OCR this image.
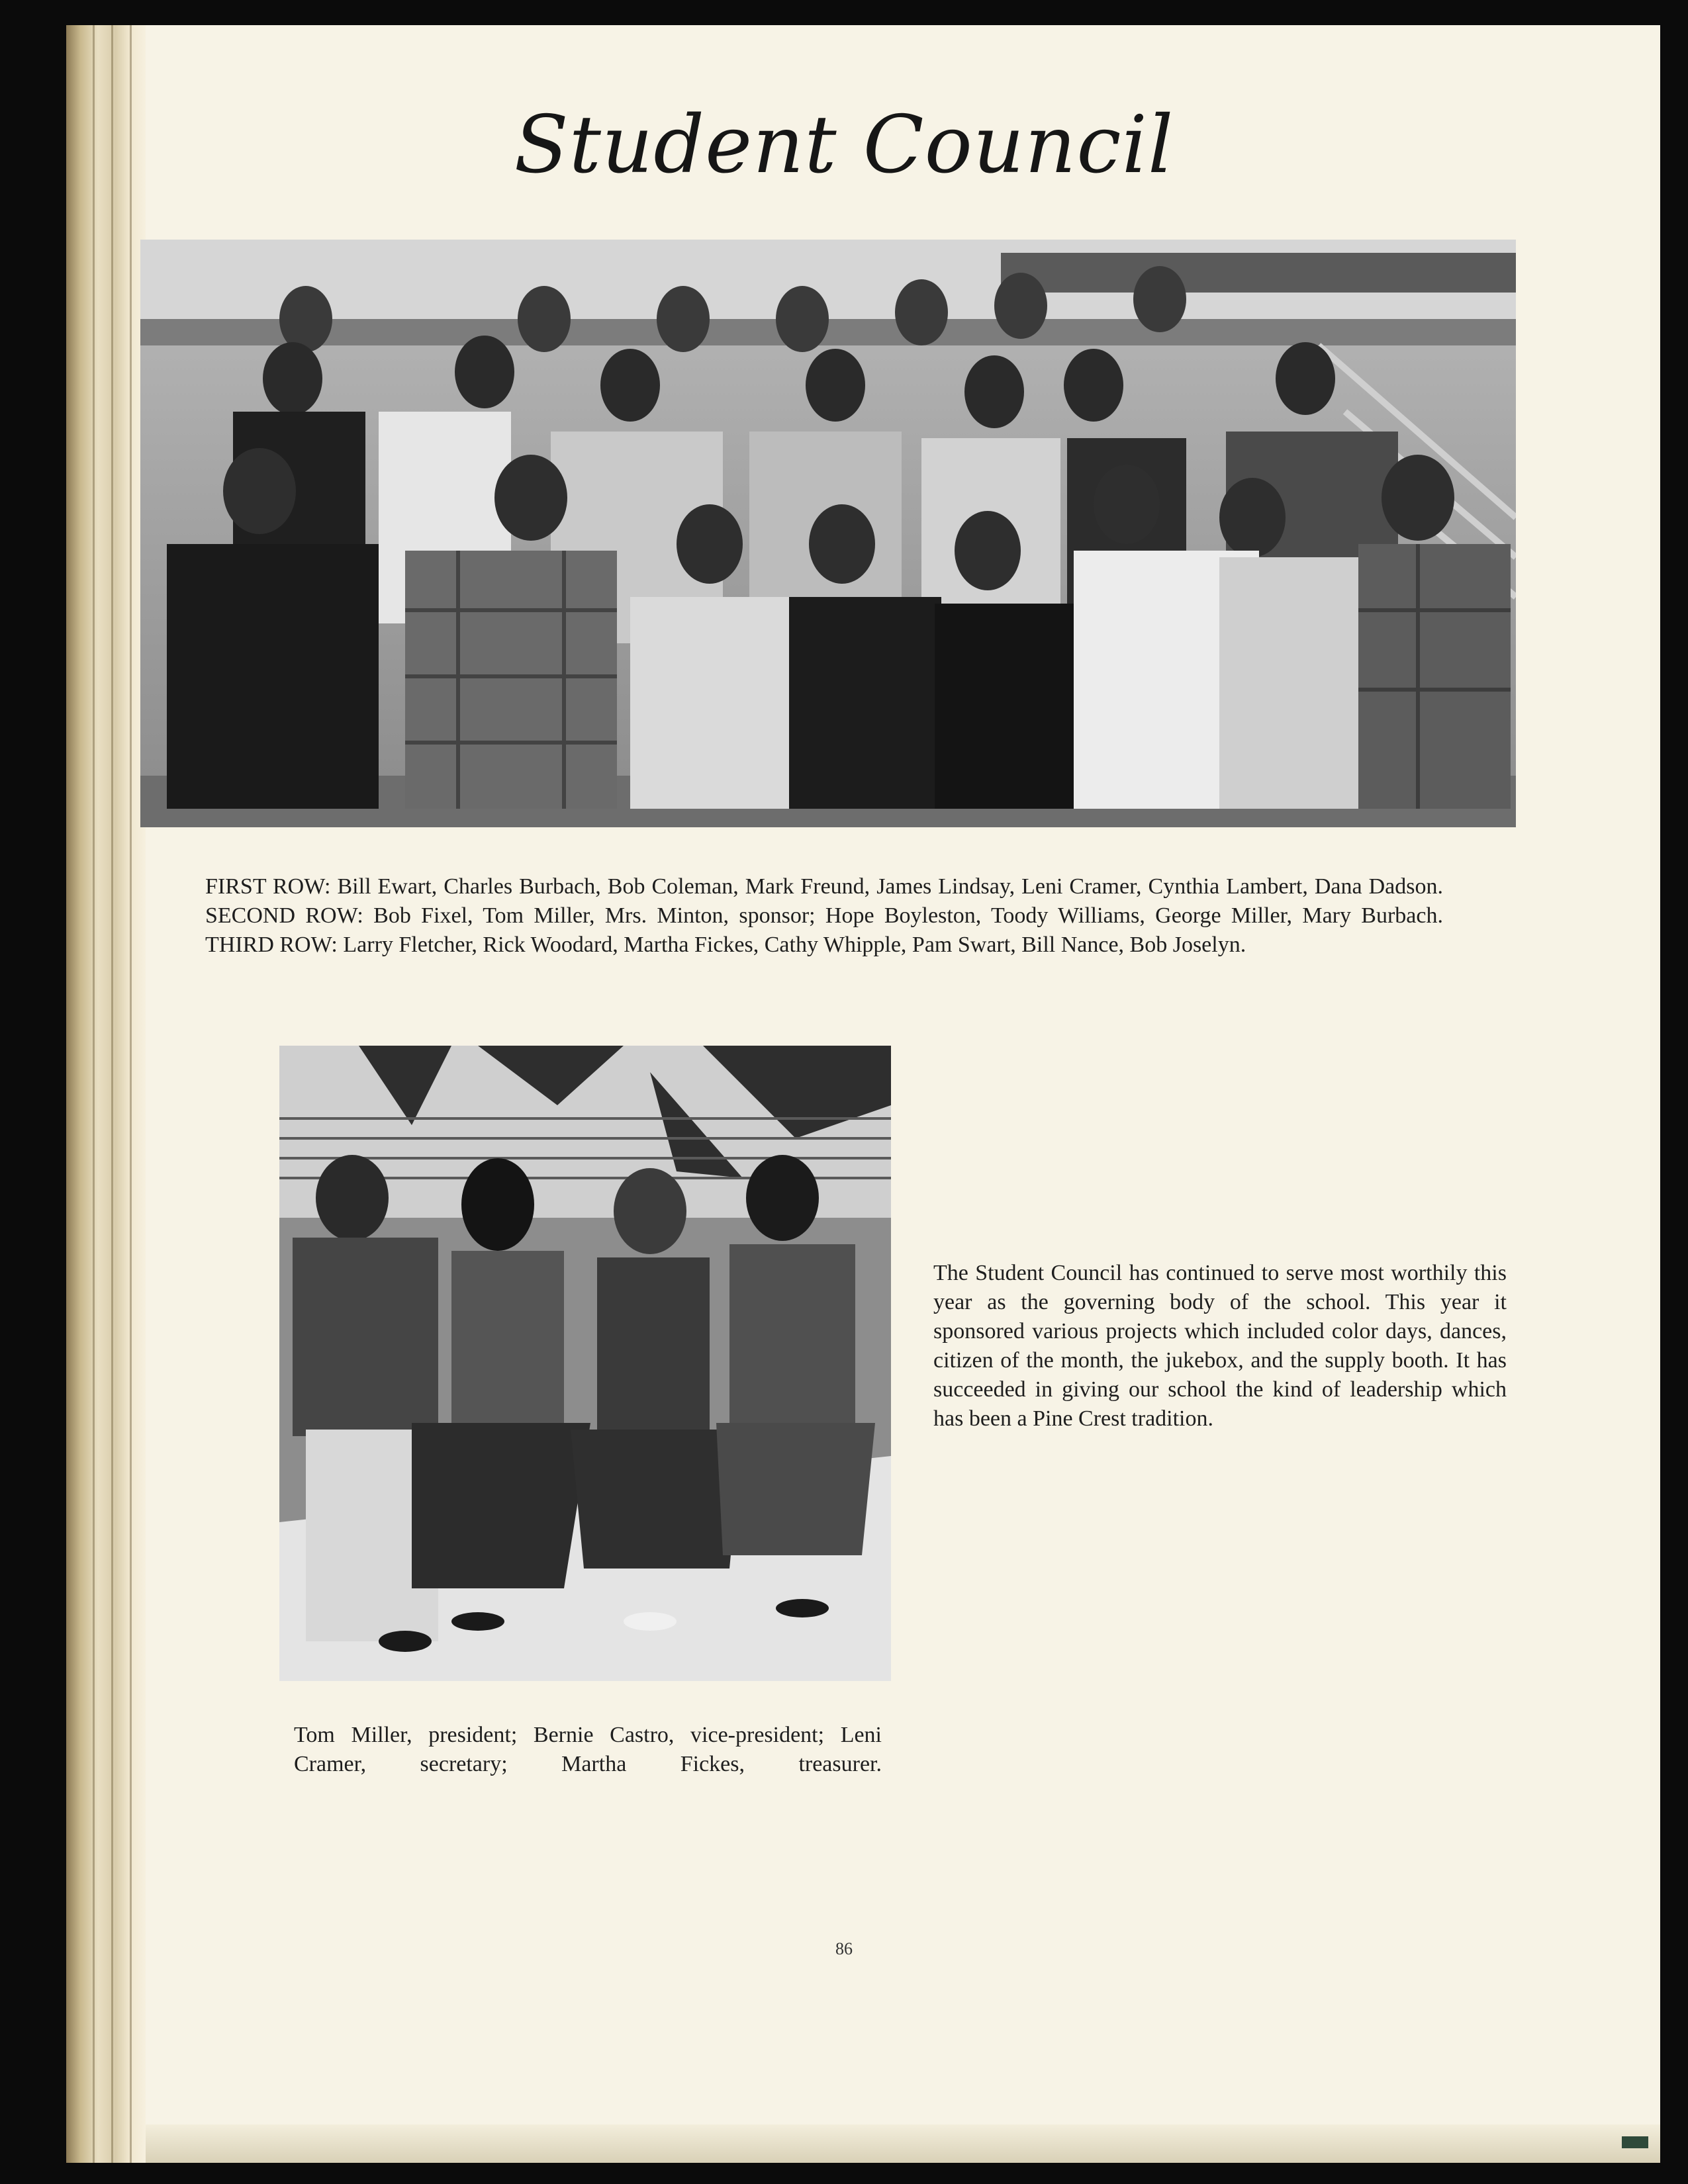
Student Council
FIRST ROW: Bill Ewart, Charles Burbach, Bob Coleman, Mark Freund, James Lindsay, Leni Cramer, Cynthia Lambert, Dana Dadson. SECOND ROW: Bob Fixel, Tom Miller, Mrs. Minton, sponsor; Hope Boyleston, Toody Williams, George Miller, Mary Burbach. THIRD ROW: Larry Fletcher, Rick Woodard, Martha Fickes, Cathy Whipple, Pam Swart, Bill Nance, Bob Joselyn.
The Student Council has continued to serve most worthily this year as the governing body of the school. This year it sponsored various projects which included color days, dances, citizen of the month, the jukebox, and the supply booth. It has succeeded in giving our school the kind of leadership which has been a Pine Crest tradition.
Tom Miller, president; Bernie Castro, vice-president; Leni Cramer, secretary; Martha Fickes, treasurer.
86
